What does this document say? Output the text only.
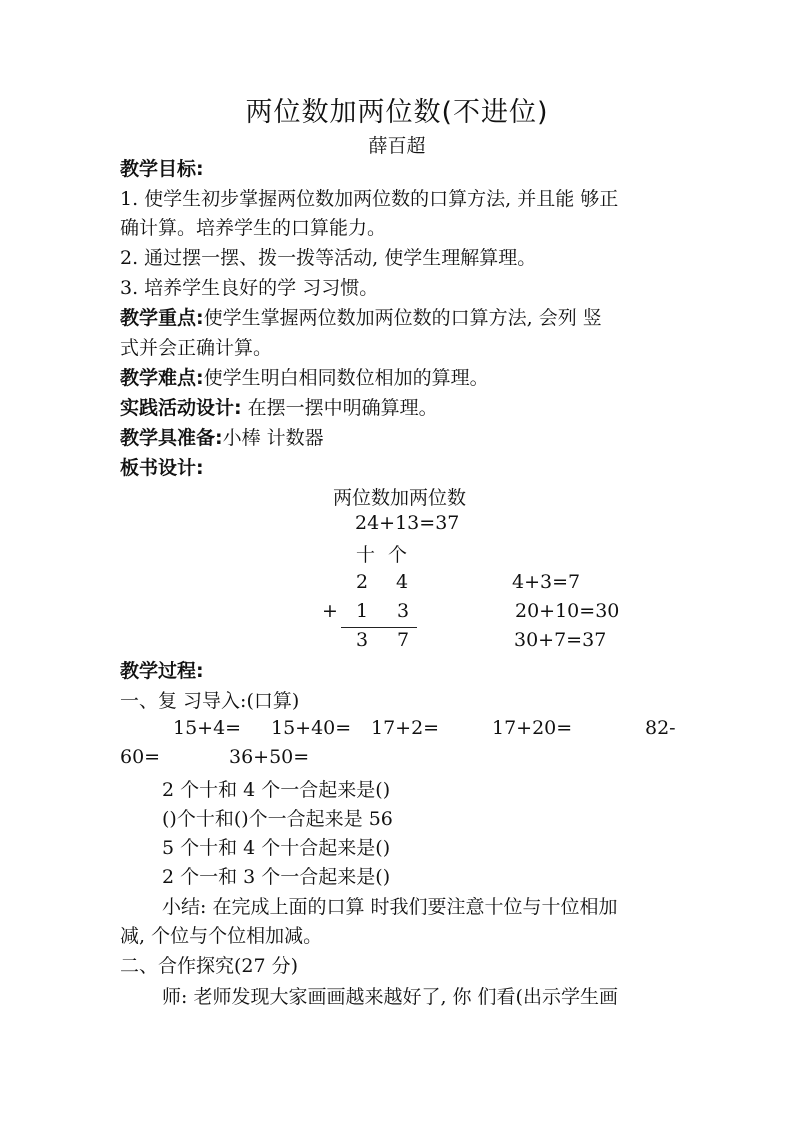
两位数加两位数(不进位)
薛百超
教学目标:
1. 使学生初步掌握两位数加两位数的口算方法, 并且能 够正
确计算。培养学生的口算能力。
2. 通过摆一摆、拨一拨等活动, 使学生理解算理。
3. 培养学生良好的学 习习惯。
教学重点:使学生掌握两位数加两位数的口算方法, 会列 竖
式并会正确计算。
教学难点:使学生明白相同数位相加的算理。
实践活动设计: 在摆一摆中明确算理。
教学具准备:小棒 计数器
板书设计:
两位数加两位数
24+13=37
十 个
2 4	4+3=7
+ 1 3	20+10=30
3 7	30+7=37
教学过程:
一、复 习导入:(口算)
15+4= 15+40= 17+2=	17+20=	82-
60=	36+50=
2 个十和 4 个一合起来是()
()个十和()个一合起来是 56
5 个十和 4 个十合起来是()
2 个一和 3 个一合起来是()
小结: 在完成上面的口算 时我们要注意十位与十位相加
减, 个位与个位相加减。
二、合作探究(27 分)
师: 老师发现大家画画越来越好了, 你 们看(出示学生画
